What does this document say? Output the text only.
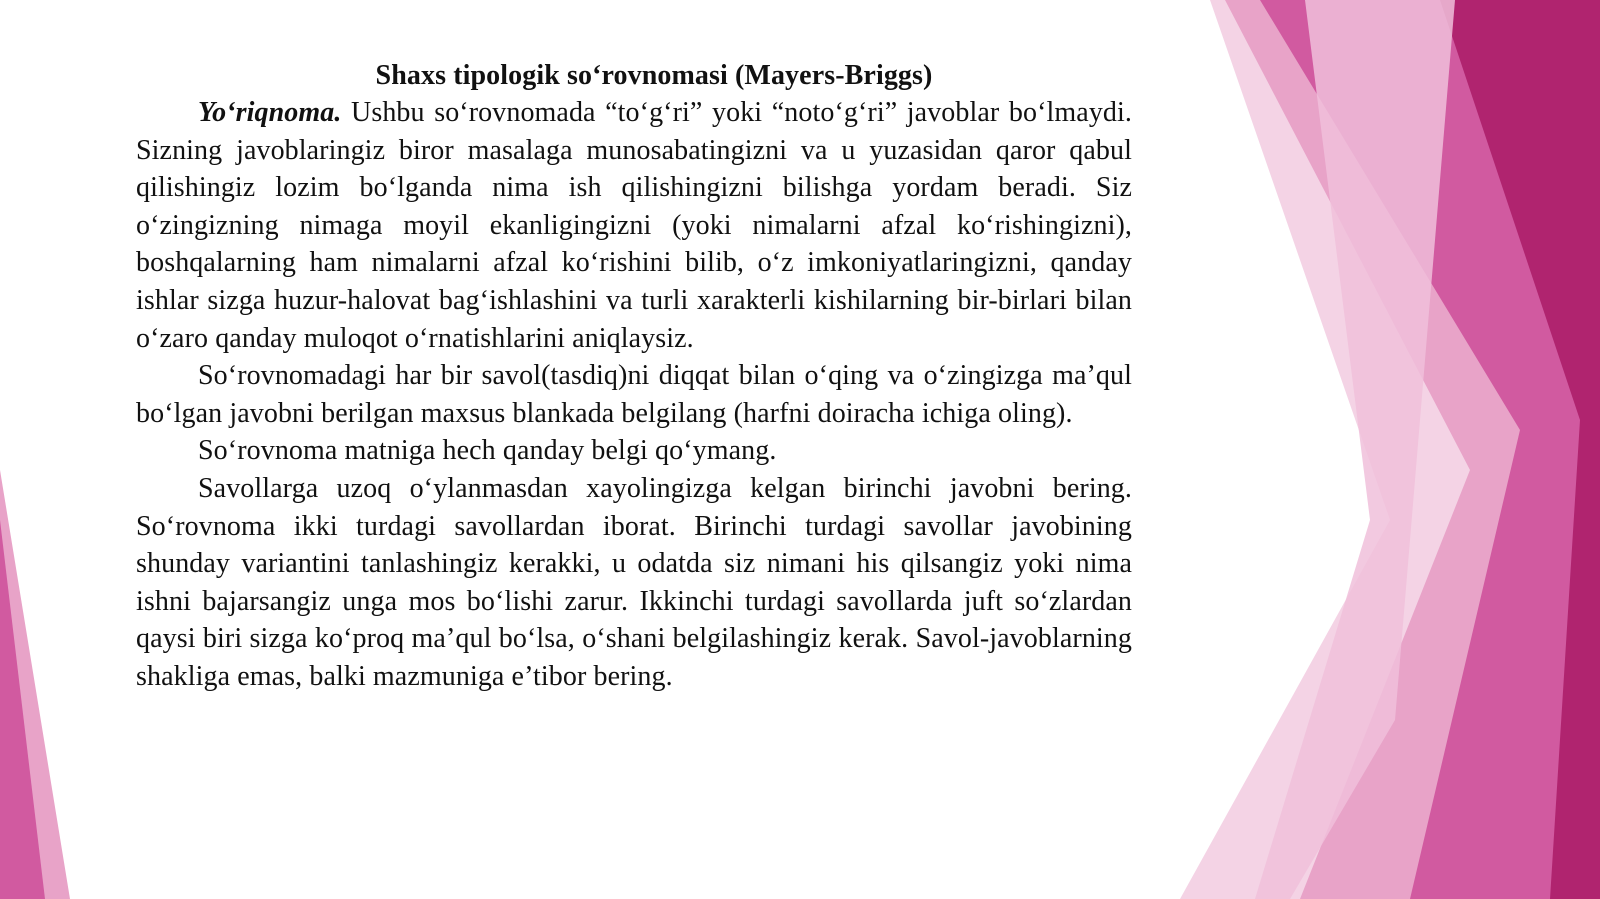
Shaxs tipologik so‘rovnomasi (Mayers-Briggs)

Yo‘riqnoma. Ushbu so‘rovnomada “to‘g‘ri” yoki “noto‘g‘ri” javoblar bo‘lmaydi. Sizning javoblaringiz biror masalaga munosabatingizni va u yuzasidan qaror qabul qilishingiz lozim bo‘lganda nima ish qilishingizni bilishga yordam beradi. Siz o‘zingizning nimaga moyil ekanligingizni (yoki nimalarni afzal ko‘rishingizni), boshqalarning ham nimalarni afzal ko‘rishini bilib, o‘z imkoniyatlaringizni, qanday ishlar sizga huzur-halovat bag‘ishlashini va turli xarakterli kishilarning bir-birlari bilan o‘zaro qanday muloqot o‘rnatishlarini aniqlaysiz.

So‘rovnomadagi har bir savol(tasdiq)ni diqqat bilan o‘qing va o‘zingizga ma’qul bo‘lgan javobni berilgan maxsus blankada belgilang (harfni doiracha ichiga oling).

So‘rovnoma matniga hech qanday belgi qo‘ymang.

Savollarga uzoq o‘ylanmasdan xayolingizga kelgan birinchi javobni bering. So‘rovnoma ikki turdagi savollardan iborat. Birinchi turdagi savollar javobining shunday variantini tanlashingiz kerakki, u odatda siz nimani his qilsangiz yoki nima ishni bajarsangiz unga mos bo‘lishi zarur. Ikkinchi turdagi savollarda juft so‘zlardan qaysi biri sizga ko‘proq ma’qul bo‘lsa, o‘shani belgilashingiz kerak. Savol-javoblarning shakliga emas, balki mazmuniga e’tibor bering.
